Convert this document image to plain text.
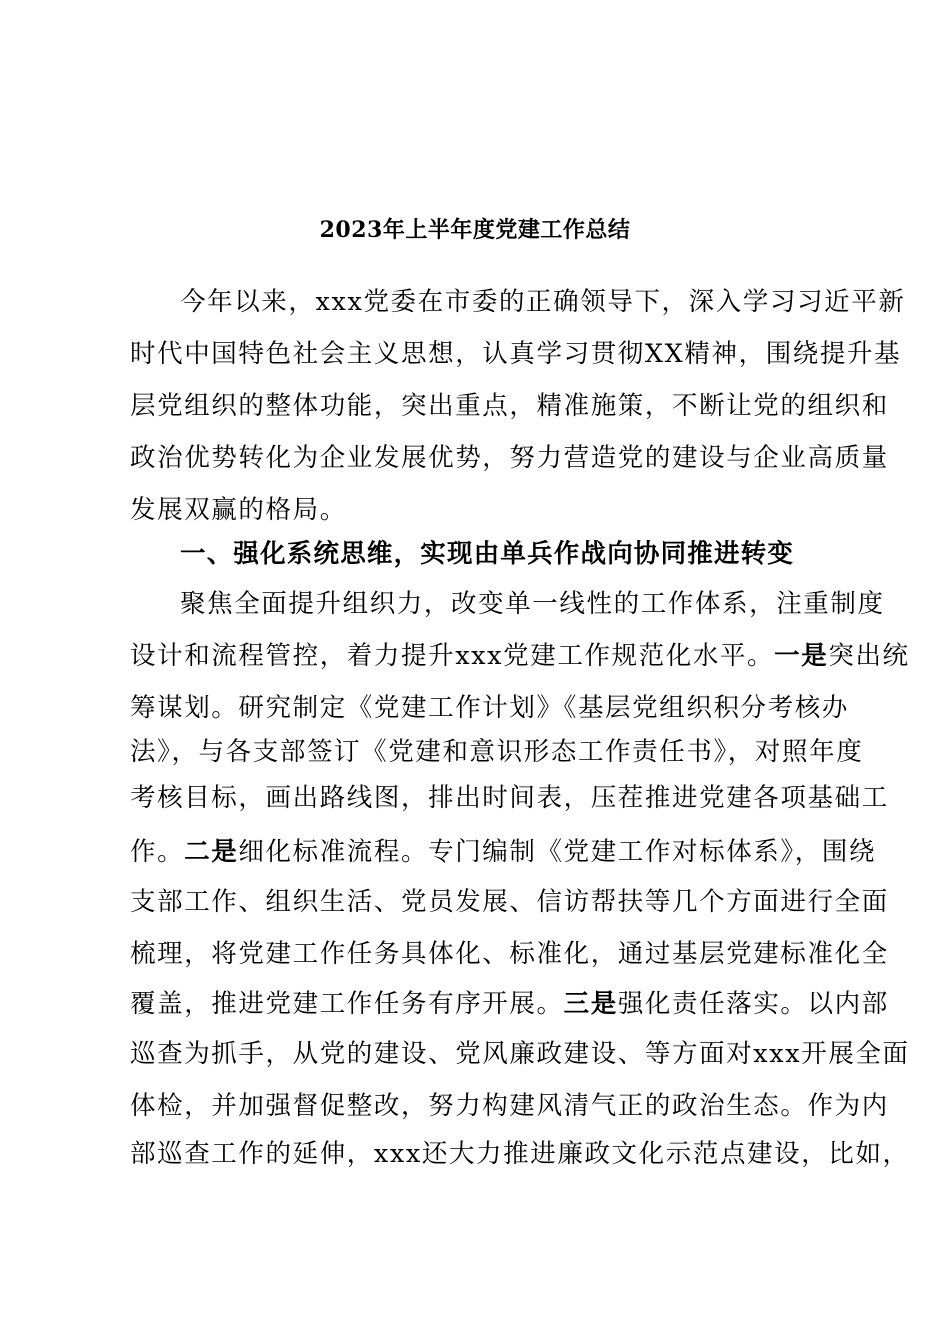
2023年上半年度党建工作总结
今年以来，xxx党委在市委的正确领导下，深入学习习近平新
时代中国特色社会主义思想，认真学习贯彻XX精神，围绕提升基
层党组织的整体功能，突出重点，精准施策，不断让党的组织和
政治优势转化为企业发展优势，努力营造党的建设与企业高质量
发展双赢的格局。
一、强化系统思维，实现由单兵作战向协同推进转变
聚焦全面提升组织力，改变单一线性的工作体系，注重制度
设计和流程管控，着力提升xxx党建工作规范化水平。一是突出统
筹谋划。研究制定《党建工作计划》《基层党组织积分考核办
法》，与各支部签订《党建和意识形态工作责任书》，对照年度
考核目标，画出路线图，排出时间表，压茬推进党建各项基础工
作。二是细化标准流程。专门编制《党建工作对标体系》，围绕
支部工作、组织生活、党员发展、信访帮扶等几个方面进行全面
梳理，将党建工作任务具体化、标准化，通过基层党建标准化全
覆盖，推进党建工作任务有序开展。三是强化责任落实。以内部
巡查为抓手，从党的建设、党风廉政建设、等方面对xxx开展全面
体检，并加强督促整改，努力构建风清气正的政治生态。作为内
部巡查工作的延伸，xxx还大力推进廉政文化示范点建设，比如，
